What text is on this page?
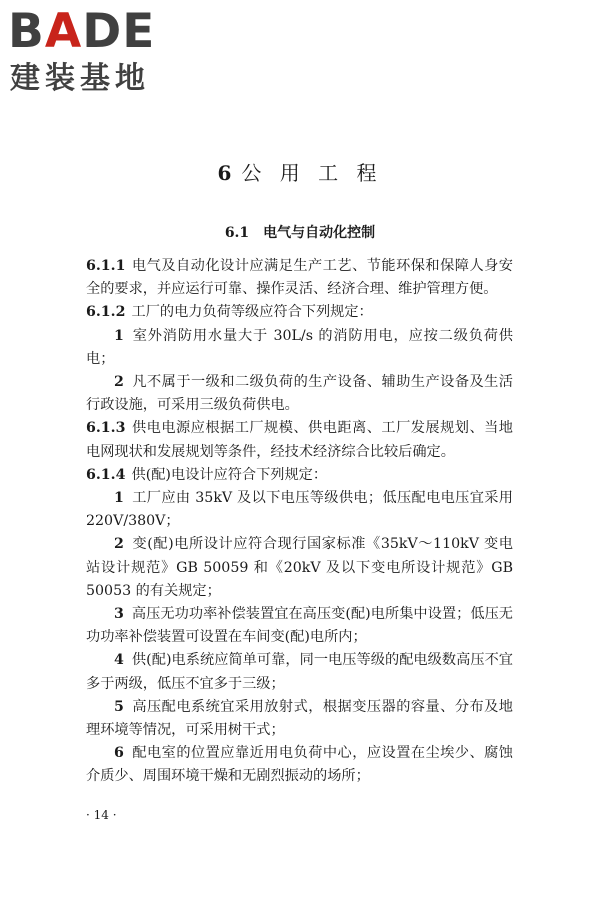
BADE
建装基地
6 公 用 工 程
6.1 电气与自动化控制

6.1.1 电气及自动化设计应满足生产工艺、节能环保和保障人身安全的要求，并应运行可靠、操作灵活、经济合理、维护管理方便。

6.1.2 工厂的电力负荷等级应符合下列规定：

1 室外消防用水量大于 30L/s 的消防用电，应按二级负荷供电；

2 凡不属于一级和二级负荷的生产设备、辅助生产设备及生活行政设施，可采用三级负荷供电。

6.1.3 供电电源应根据工厂规模、供电距离、工厂发展规划、当地电网现状和发展规划等条件，经技术经济综合比较后确定。

6.1.4 供(配)电设计应符合下列规定：

1 工厂应由 35kV 及以下电压等级供电；低压配电电压宜采用 220V/380V；

2 变(配)电所设计应符合现行国家标准《35kV～110kV 变电站设计规范》GB 50059 和《20kV 及以下变电所设计规范》GB 50053 的有关规定；

3 高压无功功率补偿装置宜在高压变(配)电所集中设置；低压无功功率补偿装置可设置在车间变(配)电所内；

4 供(配)电系统应简单可靠，同一电压等级的配电级数高压不宜多于两级，低压不宜多于三级；

5 高压配电系统宜采用放射式，根据变压器的容量、分布及地理环境等情况，可采用树干式；

6 配电室的位置应靠近用电负荷中心，应设置在尘埃少、腐蚀介质少、周围环境干燥和无剧烈振动的场所；

· 14 ·
